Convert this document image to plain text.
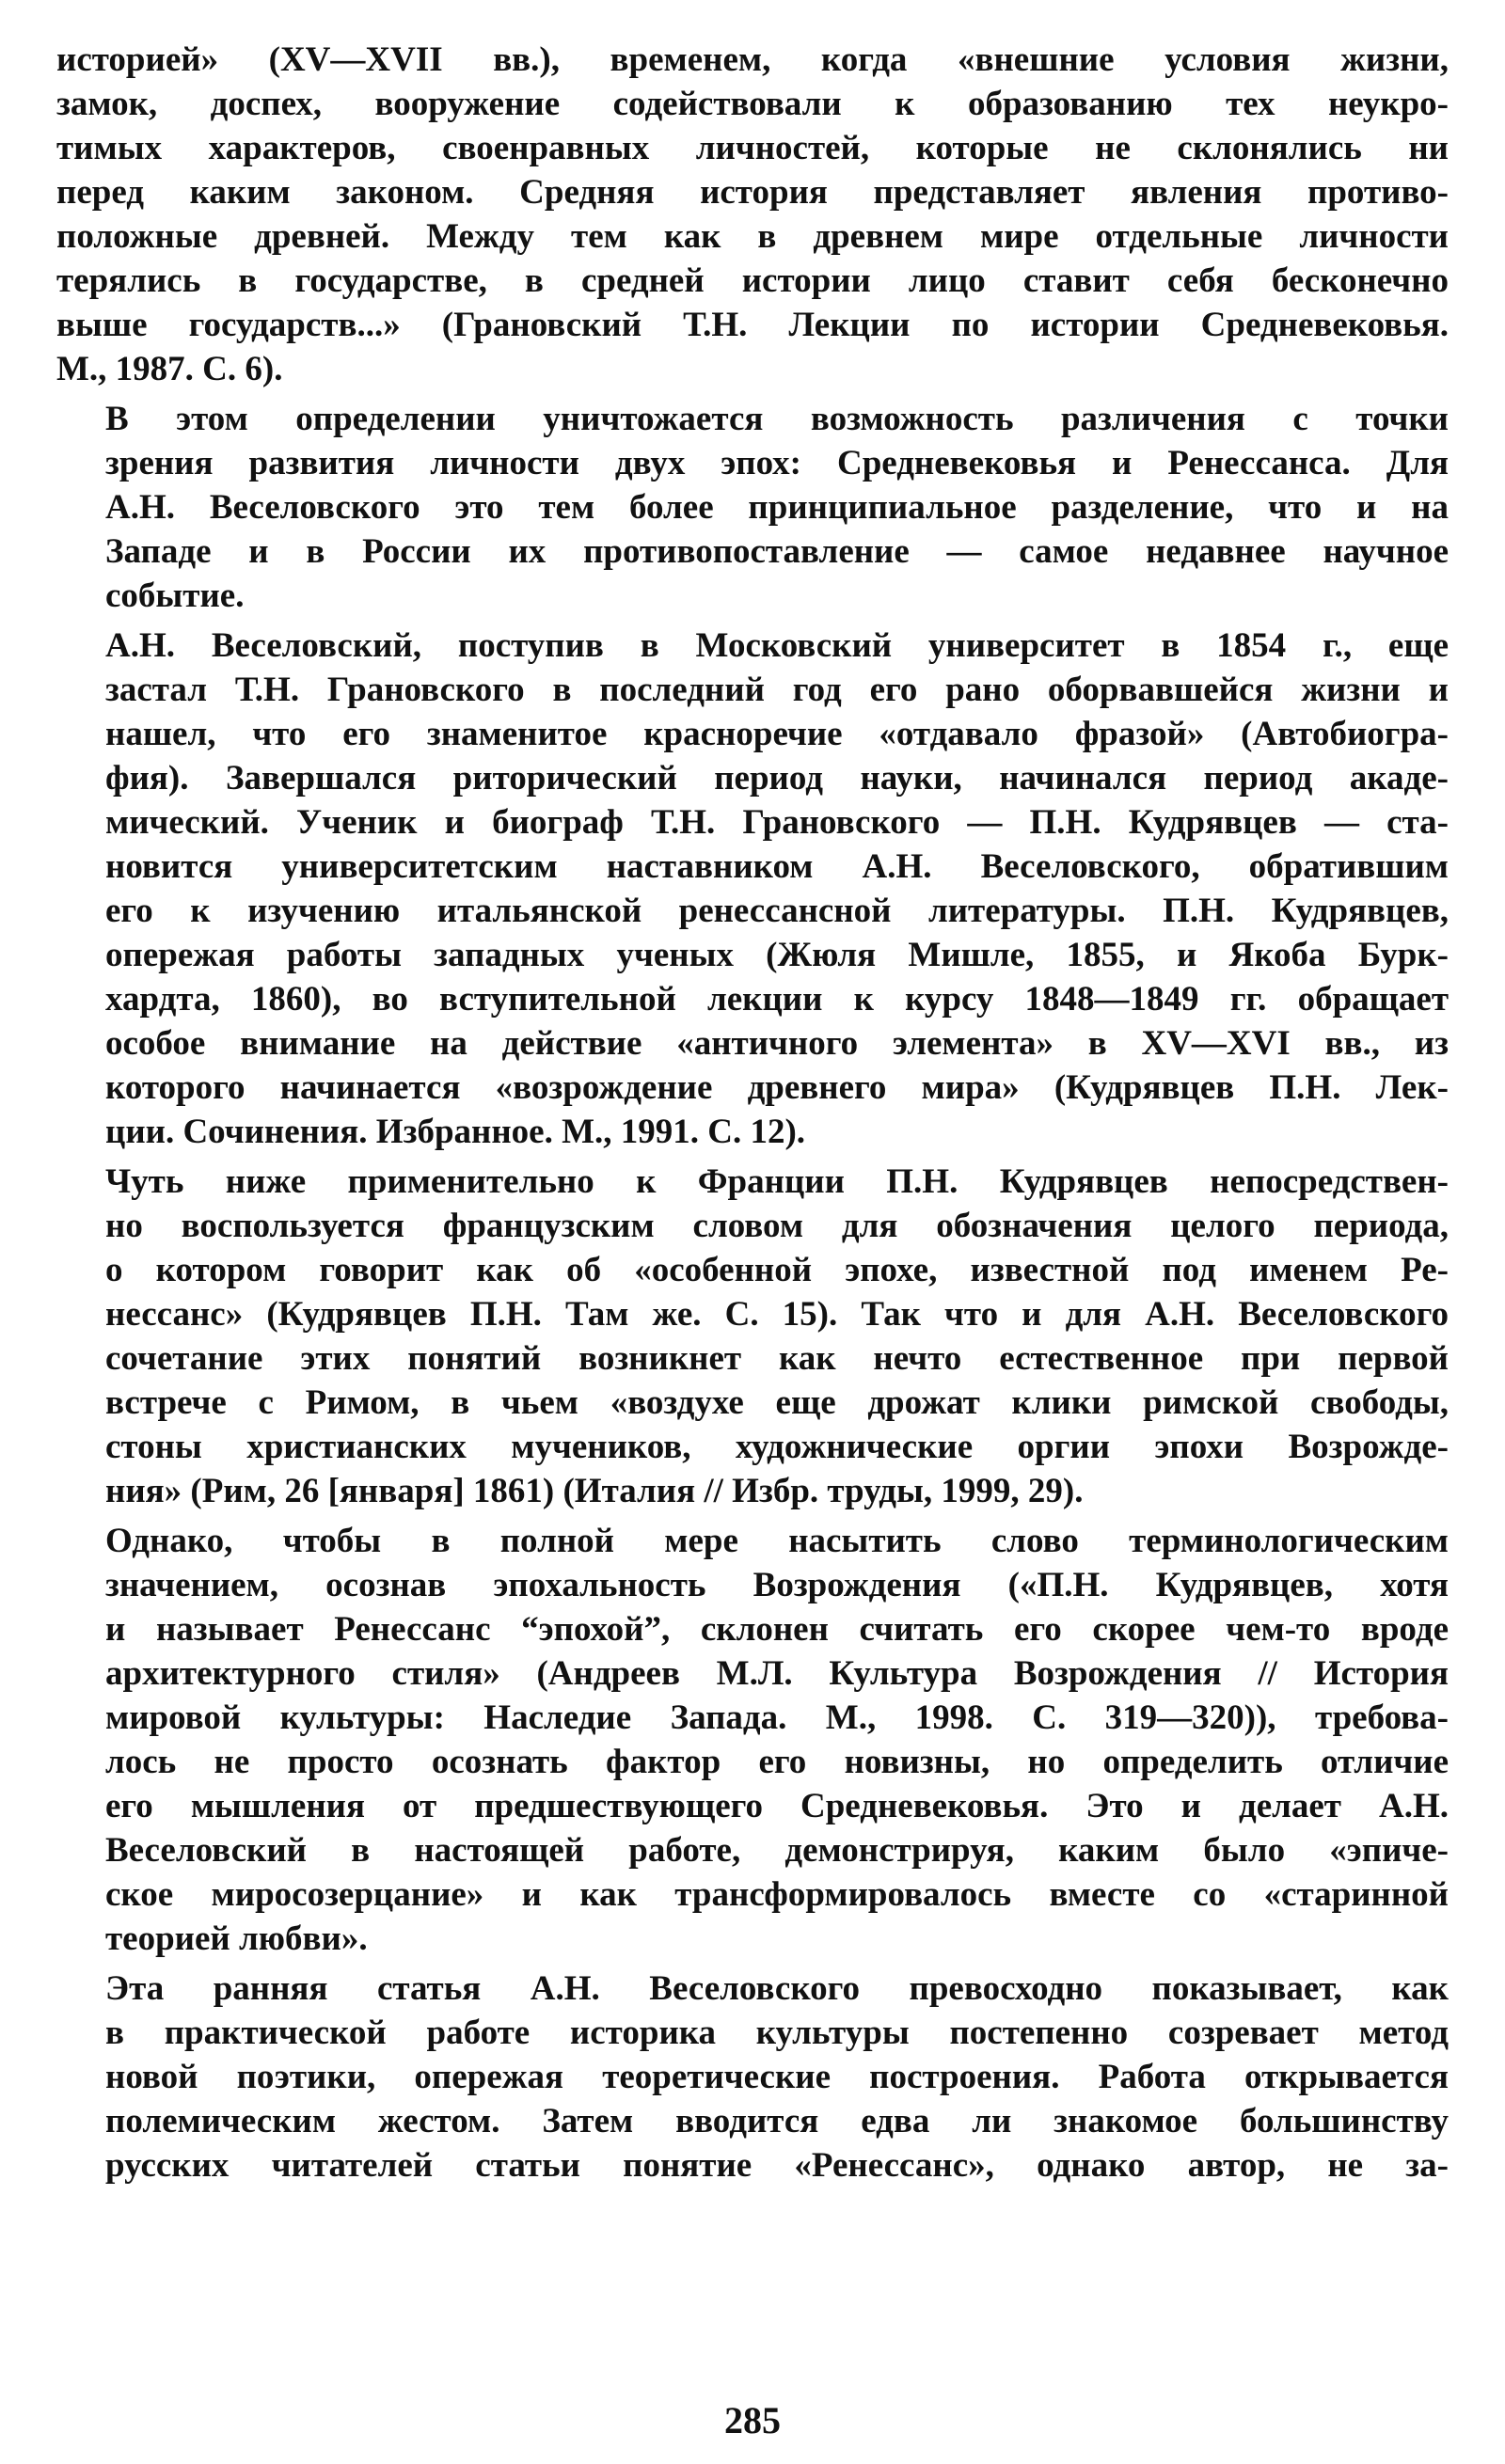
историей» (XV—XVII вв.), временем, когда «внешние условия жизни,
замок, доспех, вооружение содействовали к образованию тех неукро-
тимых характеров, своенравных личностей, которые не склонялись ни
перед каким законом. Средняя история представляет явления противо-
положные древней. Между тем как в древнем мире отдельные личности
терялись в государстве, в средней истории лицо ставит себя бесконечно
выше государств...» (Грановский Т.Н. Лекции по истории Средневековья.
М., 1987. С. 6).

В этом определении уничтожается возможность различения с точки
зрения развития личности двух эпох: Средневековья и Ренессанса. Для
А.Н. Веселовского это тем более принципиальное разделение, что и на
Западе и в России их противопоставление — самое недавнее научное
событие.

А.Н. Веселовский, поступив в Московский университет в 1854 г., еще
застал Т.Н. Грановского в последний год его рано оборвавшейся жизни и
нашел, что его знаменитое красноречие «отдавало фразой» (Автобиогра-
фия). Завершался риторический период науки, начинался период акаде-
мический. Ученик и биограф Т.Н. Грановского — П.Н. Кудрявцев — ста-
новится университетским наставником А.Н. Веселовского, обратившим
его к изучению итальянской ренессансной литературы. П.Н. Кудрявцев,
опережая работы западных ученых (Жюля Мишле, 1855, и Якоба Бурк-
хардта, 1860), во вступительной лекции к курсу 1848—1849 гг. обращает
особое внимание на действие «античного элемента» в XV—XVI вв., из
которого начинается «возрождение древнего мира» (Кудрявцев П.Н. Лек-
ции. Сочинения. Избранное. М., 1991. С. 12).

Чуть ниже применительно к Франции П.Н. Кудрявцев непосредствен-
но воспользуется французским словом для обозначения целого периода,
о котором говорит как об «особенной эпохе, известной под именем Ре-
нессанс» (Кудрявцев П.Н. Там же. С. 15). Так что и для А.Н. Веселовского
сочетание этих понятий возникнет как нечто естественное при первой
встрече с Римом, в чьем «воздухе еще дрожат клики римской свободы,
стоны христианских мучеников, художнические оргии эпохи Возрожде-
ния» (Рим, 26 [января] 1861) (Италия // Избр. труды, 1999, 29).

Однако, чтобы в полной мере насытить слово терминологическим
значением, осознав эпохальность Возрождения («П.Н. Кудрявцев, хотя
и называет Ренессанс “эпохой”, склонен считать его скорее чем-то вроде
архитектурного стиля» (Андреев М.Л. Культура Возрождения // История
мировой культуры: Наследие Запада. М., 1998. С. 319—320)), требова-
лось не просто осознать фактор его новизны, но определить отличие
его мышления от предшествующего Средневековья. Это и делает А.Н.
Веселовский в настоящей работе, демонстрируя, каким было «эпиче-
ское миросозерцание» и как трансформировалось вместе со «старинной
теорией любви».

Эта ранняя статья А.Н. Веселовского превосходно показывает, как
в практической работе историка культуры постепенно созревает метод
новой поэтики, опережая теоретические построения. Работа открывается
полемическим жестом. Затем вводится едва ли знакомое большинству
русских читателей статьи понятие «Ренессанс», однако автор, не за-

285
